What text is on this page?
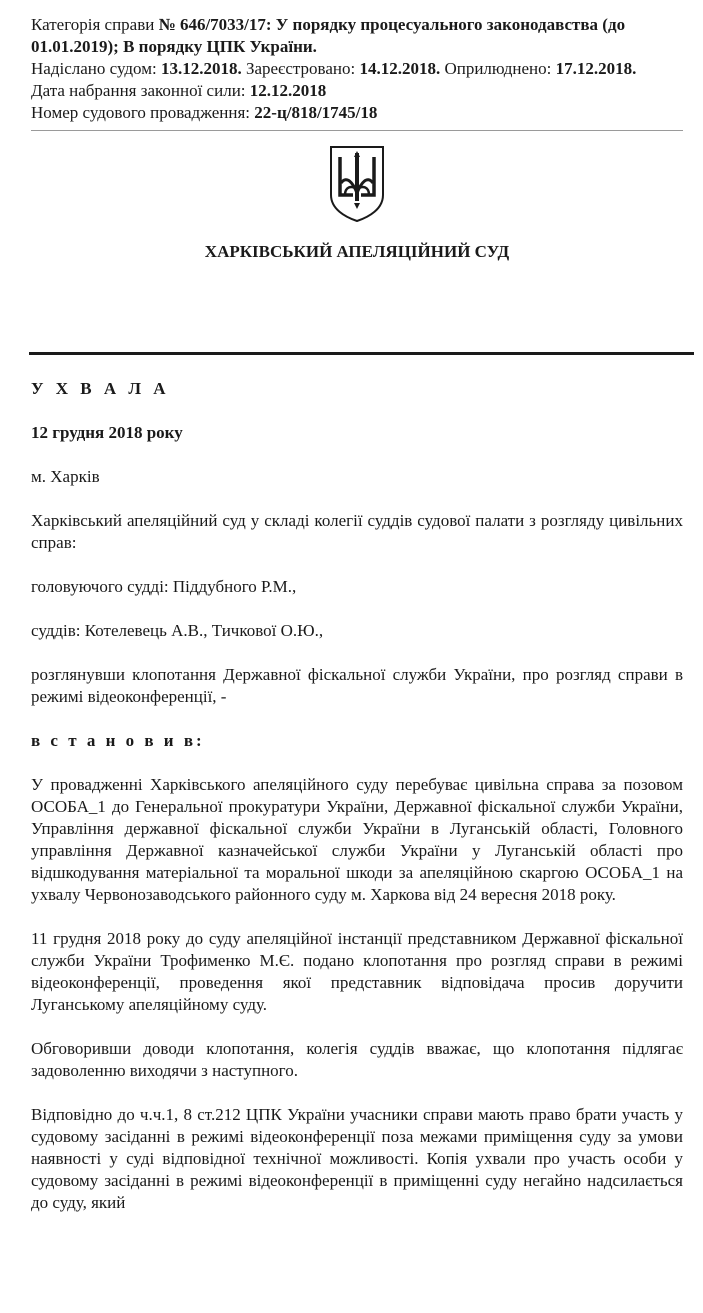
Категорія справи № 646/7033/17: У порядку процесуального законодавства (до 01.01.2019); В порядку ЦПК України.

Надіслано судом: 13.12.2018. Зареєстровано: 14.12.2018. Оприлюднено: 17.12.2018.

Дата набрання законної сили: 12.12.2018

Номер судового провадження: 22-ц/818/1745/18

ХАРКІВСЬКИЙ АПЕЛЯЦІЙНИЙ СУД

У Х В А Л А

12 грудня 2018 року

м. Харків

Харківський апеляційний суд у складі колегії суддів судової палати з розгляду цивільних справ:

головуючого судді: Піддубного Р.М.,

суддів: Котелевець А.В., Тичкової О.Ю.,

розглянувши клопотання Державної фіскальної служби України, про розгляд справи в режимі відеоконференції, -

в с т а н о в и в:

У провадженні Харківського апеляційного суду перебуває цивільна справа за позовом ОСОБА_1 до Генеральної прокуратури України, Державної фіскальної служби України, Управління державної фіскальної служби України в Луганській області, Головного управління Державної казначейської служби України у Луганській області про відшкодування матеріальної та моральної шкоди за апеляційною скаргою ОСОБА_1 на ухвалу Червонозаводського районного суду м. Харкова від 24 вересня 2018 року.

11 грудня 2018 року до суду апеляційної інстанції представником Державної фіскальної служби України Трофименко М.Є. подано клопотання про розгляд справи в режимі відеоконференції, проведення якої представник відповідача просив доручити Луганському апеляційному суду.

Обговоривши доводи клопотання, колегія суддів вважає, що клопотання підлягає задоволенню виходячи з наступного.

Відповідно до ч.ч.1, 8 ст.212 ЦПК України учасники справи мають право брати участь у судовому засіданні в режимі відеоконференції поза межами приміщення суду за умови наявності у суді відповідної технічної можливості. Копія ухвали про участь особи у судовому засіданні в режимі відеоконференції в приміщенні суду негайно надсилається до суду, який
